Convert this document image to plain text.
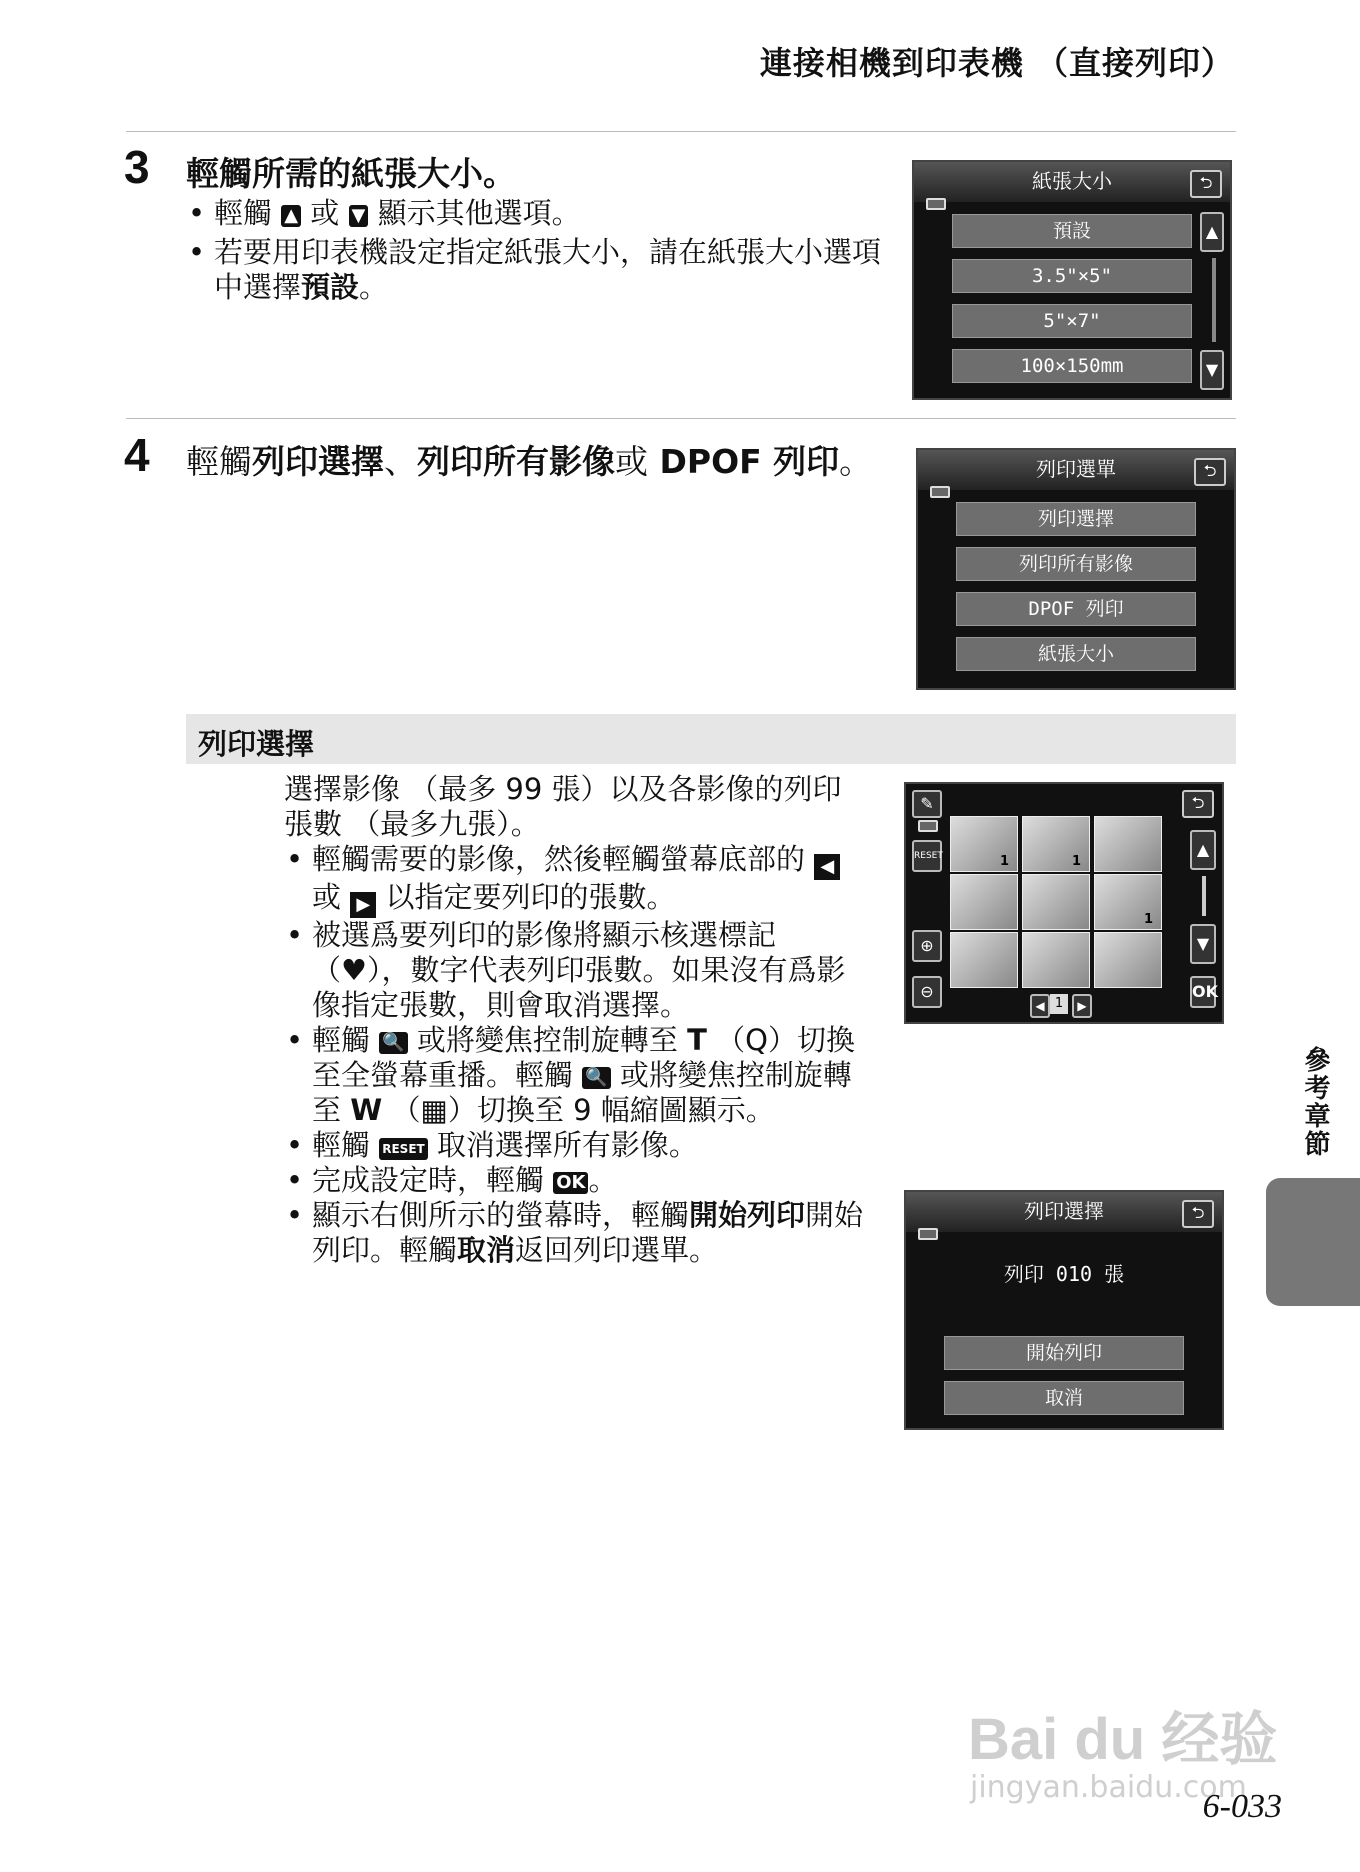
連接相機到印表機 （直接列印）
3 輕觸所需的紙張大小。
• 輕觸 ▲ 或 ▼ 顯示其他選項。
• 若要用印表機設定指定紙張大小，請在紙張大小選項中選擇預設。
紙張大小	⮌
預設
3.5"×5"
5"×7"
100×150mm
▲
▼
4 輕觸列印選擇、列印所有影像或 DPOF 列印。	列印選單	⮌
列印選擇
列印所有影像
DPOF 列印
紙張大小
列印選擇
選擇影像 （最多 99 張）以及各影像的列印張數 （最多九張）。
• 輕觸需要的影像，然後輕觸螢幕底部的 ◀ 或 ▶ 以指定要列印的張數。
• 被選爲要列印的影像將顯示核選標記（♥），數字代表列印張數。如果沒有爲影像指定張數，則會取消選擇。
• 輕觸 🔍 或將變焦控制旋轉至 T （Q）切換至全螢幕重播。輕觸 🔍 或將變焦控制旋轉至 W （▦）切換至 9 幅縮圖顯示。
• 輕觸 RESET 取消選擇所有影像。
• 完成設定時，輕觸 OK 。
• 顯示右側所示的螢幕時，輕觸開始列印開始列印。輕觸取消返回列印選單。
✎
RESET
⊕
⊖
1	1
1
⮌
▲
▼
OK
◀ 1	▶
列印選擇	⮌
列印 010 張
開始列印
取消
參考章節
Bai du 经验
jingyan.baidu.com
6-033
